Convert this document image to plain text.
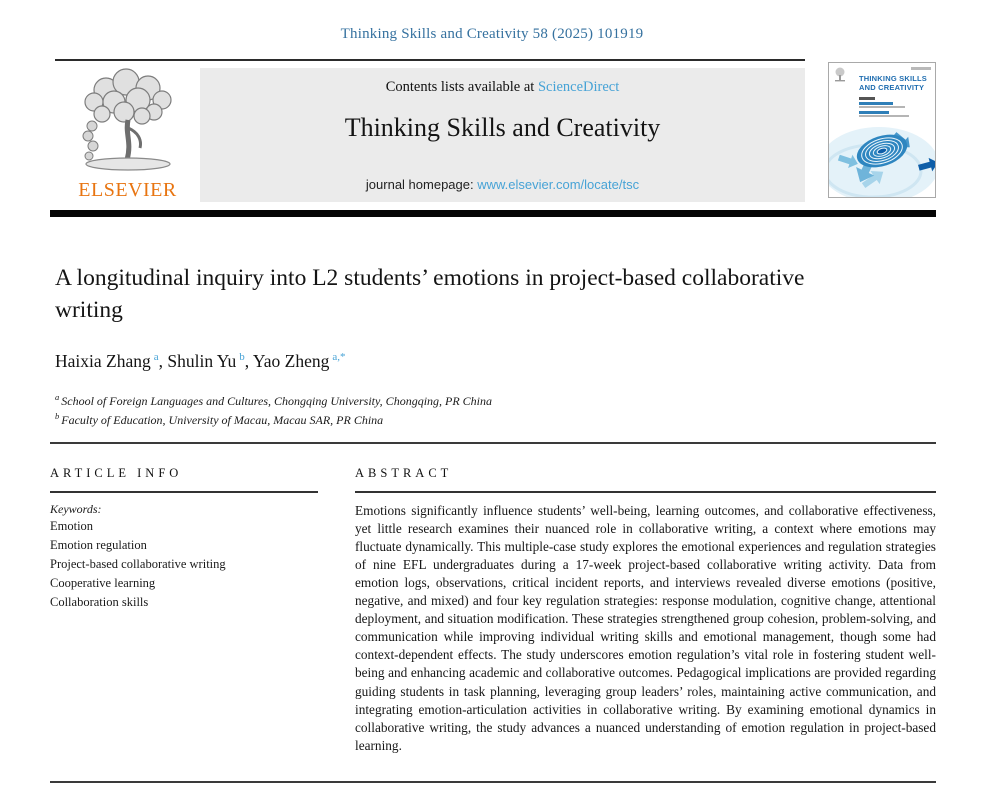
Thinking Skills and Creativity 58 (2025) 101919
ELSEVIER
Contents lists available at ScienceDirect
Thinking Skills and Creativity
journal homepage: www.elsevier.com/locate/tsc
THINKING SKILLS AND CREATIVITY
A longitudinal inquiry into L2 students’ emotions in project-based collaborative writing
Haixia Zhang $^a$, Shulin Yu $^b$, Yao Zheng $^{a,*}$
$^a$ School of Foreign Languages and Cultures, Chongqing University, Chongqing, PR China
$^b$ Faculty of Education, University of Macau, Macau SAR, PR China
ARTICLE INFO
Keywords:
Emotion
Emotion regulation
Project-based collaborative writing
Cooperative learning
Collaboration skills
ABSTRACT

Emotions significantly influence students’ well-being, learning outcomes, and collaborative effectiveness, yet little research examines their nuanced role in collaborative writing, a context where emotions may fluctuate dynamically. This multiple-case study explores the emotional experiences and regulation strategies of nine EFL undergraduates during a 17-week project-based collaborative writing activity. Data from emotion logs, observations, critical incident reports, and interviews revealed diverse emotions (positive, negative, and mixed) and four key regulation strategies: response modulation, cognitive change, attentional deployment, and situation modification. These strategies strengthened group cohesion, problem-solving, and communication while improving individual writing skills and emotional management, though some had context-dependent effects. The study underscores emotion regulation’s vital role in fostering student well-being and enhancing academic and collaborative outcomes. Pedagogical implications are provided regarding guiding students in task planning, leveraging group leaders’ roles, maintaining active communication, and integrating emotion-articulation activities in collaborative writing. By examining emotional dynamics in collaborative writing, the study advances a nuanced understanding of emotion regulation in project-based learning.
